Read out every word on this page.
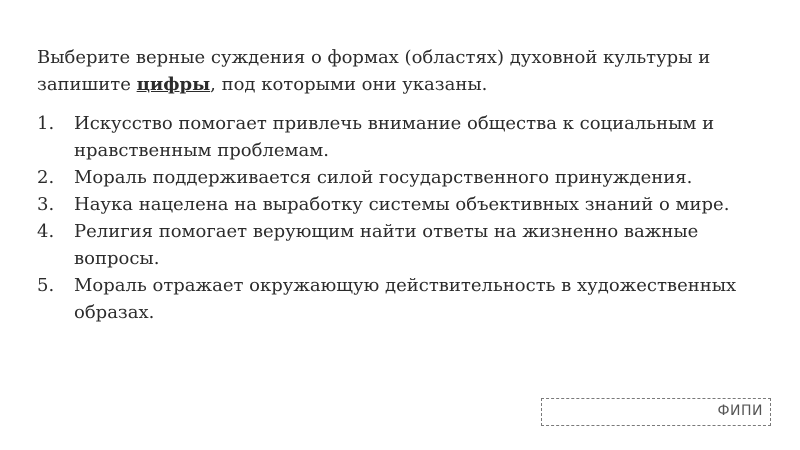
Выберите верные суждения о формах (областях) духовной культуры и запишите цифры, под которыми они указаны.
1.	Искусство помогает привлечь внимание общества к социальным и нравственным проблемам.
2.	Мораль поддерживается силой государственного принуждения.
3.	Наука нацелена на выработку системы объективных знаний о мире.
4.	Религия помогает верующим найти ответы на жизненно важные вопросы.
5.	Мораль отражает окружающую действительность в художественных образах.
ФИПИ
